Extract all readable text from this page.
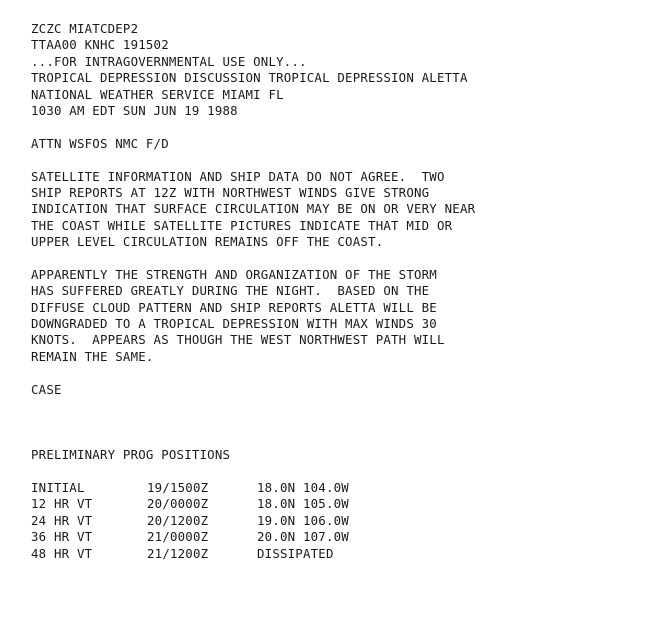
ZCZC MIATCDEP2
TTAA00 KNHC 191502
...FOR INTRAGOVERNMENTAL USE ONLY...
TROPICAL DEPRESSION DISCUSSION TROPICAL DEPRESSION ALETTA
NATIONAL WEATHER SERVICE MIAMI FL
1030 AM EDT SUN JUN 19 1988
ATTN WSFOS NMC F/D
SATELLITE INFORMATION AND SHIP DATA DO NOT AGREE.  TWO
SHIP REPORTS AT 12Z WITH NORTHWEST WINDS GIVE STRONG
INDICATION THAT SURFACE CIRCULATION MAY BE ON OR VERY NEAR
THE COAST WHILE SATELLITE PICTURES INDICATE THAT MID OR
UPPER LEVEL CIRCULATION REMAINS OFF THE COAST.
APPARENTLY THE STRENGTH AND ORGANIZATION OF THE STORM
HAS SUFFERED GREATLY DURING THE NIGHT.  BASED ON THE
DIFFUSE CLOUD PATTERN AND SHIP REPORTS ALETTA WILL BE
DOWNGRADED TO A TROPICAL DEPRESSION WITH MAX WINDS 30
KNOTS.  APPEARS AS THOUGH THE WEST NORTHWEST PATH WILL
REMAIN THE SAME.
CASE
PRELIMINARY PROG POSITIONS
INITIAL	19/1500Z	18.0N 104.0W
12 HR VT	20/0000Z	18.0N 105.0W
24 HR VT	20/1200Z	19.0N 106.0W
36 HR VT	21/0000Z	20.0N 107.0W
48 HR VT	21/1200Z	DISSIPATED
